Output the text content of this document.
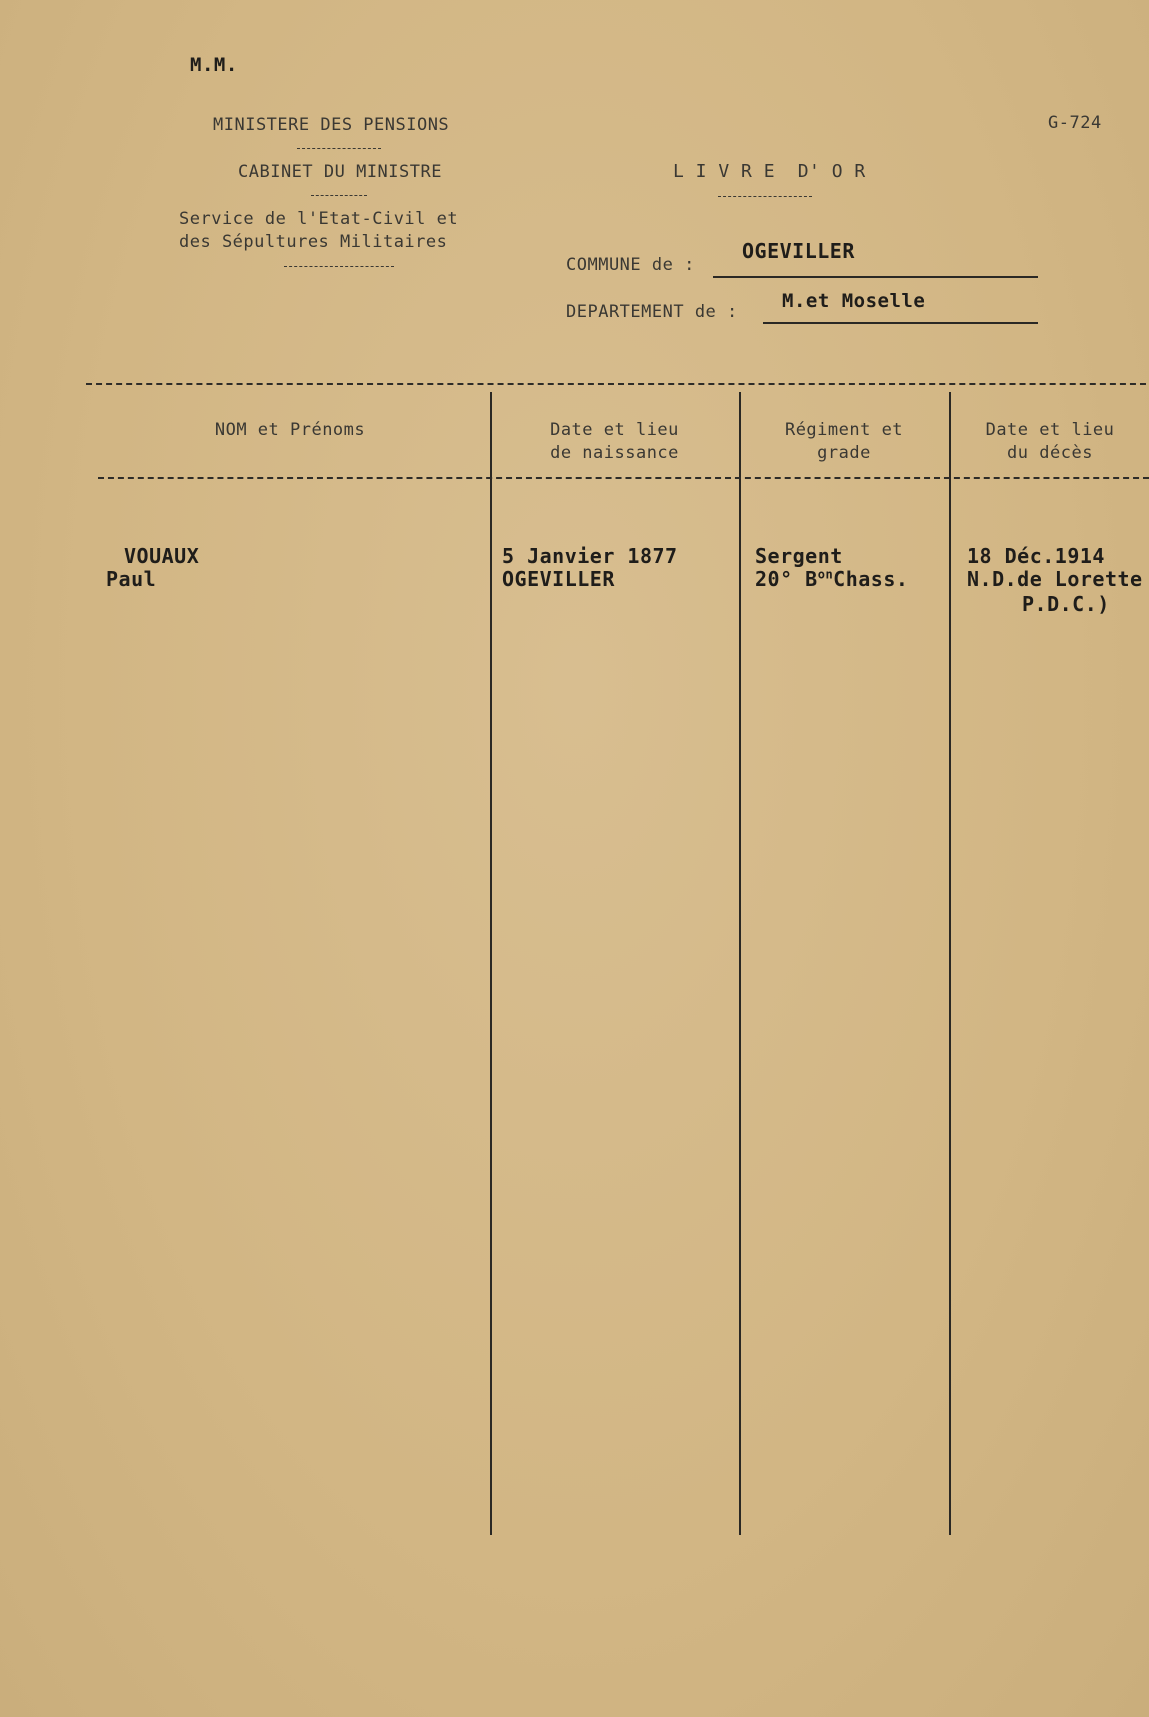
M.M.
MINISTERE DES PENSIONS
CABINET DU MINISTRE
Service de l'Etat-Civil et
des Sépultures Militaires
G-724
L I V R E  D' O R
COMMUNE de :
OGEVILLER
DEPARTEMENT de : M.et Moselle
NOM et Prénoms	Date et lieu
de naissance
Régiment et
grade
Date et lieu
du décès
VOUAUX
Paul
5 Janvier 1877
OGEVILLER
Sergent
20° $B^{on}Chass$.
18 Déc.1914
N.D.de Lorette
P.D.C.)
